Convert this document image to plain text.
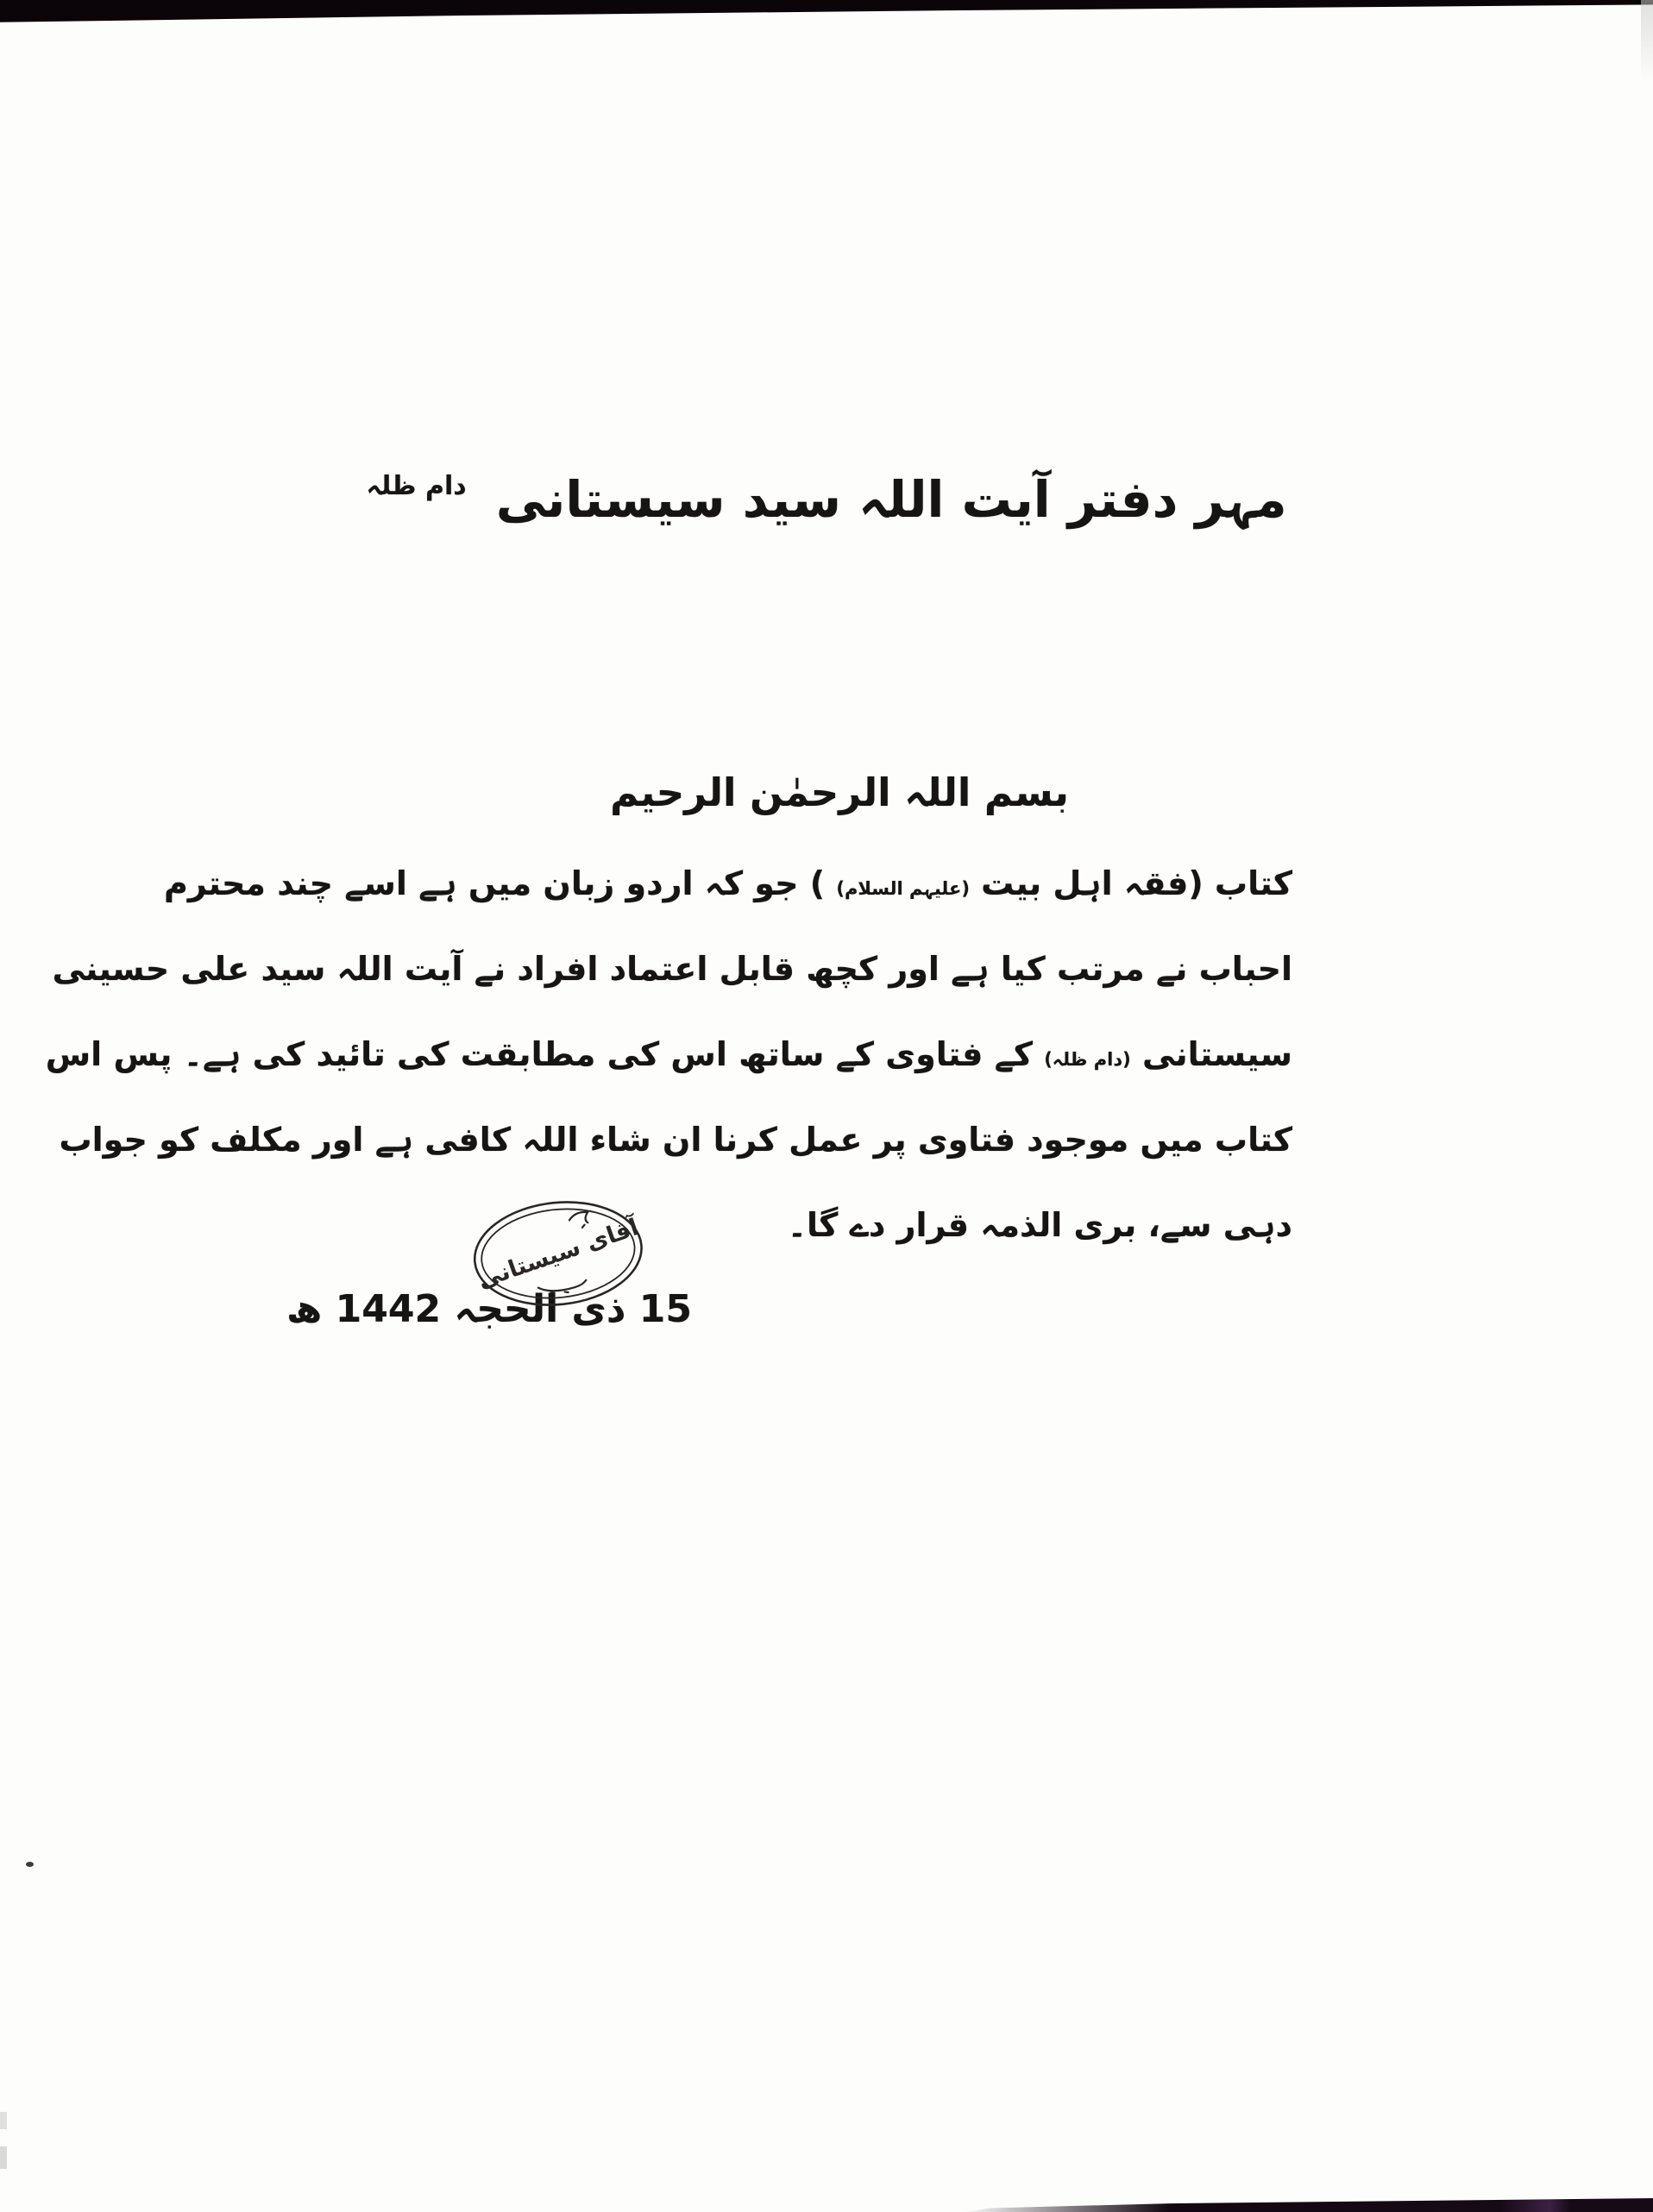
مہر دفتر آیت اللہ سید سیستانی $^{دام ظلہ}$
بسم اللہ الرحمٰن الرحیم
کتاب (فقہ اہل بیت (علیہم السلام) ) جو کہ اردو زبان میں ہے اسے چند محترم
احباب نے مرتب کیا ہے اور کچھ قابل اعتماد افراد نے آیت اللہ سید علی حسینی
سیستانی (دام ظلہ) کے فتاوی کے ساتھ اس کی مطابقت کی تائید کی ہے۔ پس اس
کتاب میں موجود فتاوی پر عمل کرنا ان شاء اللہ کافی ہے اور مکلف کو جواب
دہی سے، بری الذمہ قرار دے گا۔
15 ذی الحجہ 1442 ھ
آقای سیستانی
